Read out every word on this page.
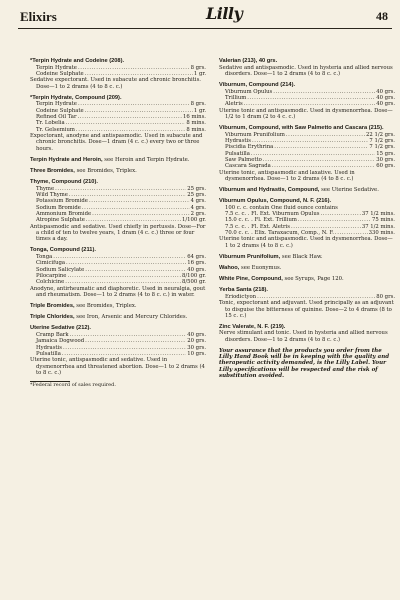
Elixirs	Lilly	48
*Terpin Hydrate and Codeine (208).
Terpin Hydrate .....	8 grs.
Codeine Sulphate .....	1 gr.
Sedative expectorant. Used in subacute and chronic bronchitis. Dose—1 to 2 drams (4 to 8 c. c.)
*Terpin Hydrate, Compound (209).
Terpin Hydrate .....	8 grs.
Codeine Sulphate .....	1 gr.
Refined Oil Tar .....	16 mins.
Tr. Lobelia .....	8 mins.
Tr. Gelsemium .....	8 mins.
Expectorant, anodyne and antispasmodic. Used in subacute and chronic bronchitis. Dose—1 dram (4 c. c.) every two or three hours.
Terpin Hydrate and Heroin, see Heroin and Terpin Hydrate.
Three Bromides, see Bromides, Triplex.
Thyme, Compound (210).
Thyme .....	25 grs.
Wild Thyme .....	25 grs.
Potassium Bromide .....	4 grs.
Sodium Bromide .....	4 grs.
Ammonium Bromide .....	2 grs.
Atropine Sulphate .....	1/100 gr.
Antispasmodic and sedative. Used chiefly in pertussis. Dose—For a child of ten to twelve years, 1 dram (4 c. c.) three or four times a day.
Tonga, Compound (211).
Tonga .....	64 grs.
Cimicifuga .....	16 grs.
Sodium Salicylate .....	40 grs.
Pilocarpine .....	8/100 gr.
Colchicine .....	8/500 gr.
Anodyne, antirheumatic and diaphoretic. Used in neuralgia, gout and rheumatism. Dose—1 to 2 drams (4 to 8 c. c.) in water.
Triple Bromides, see Bromides, Triplex.
Triple Chlorides, see Iron, Arsenic and Mercury Chlorides.
Uterine Sedative (212).
Cramp Bark .....	40 grs.
Jamaica Dogwood .....	20 grs.
Hydrastis .....	30 grs.
Pulsatilla .....	10 grs.
Uterine tonic, antispasmodic and sedative. Used in dysmenorrhea and threatened abortion. Dose—1 to 2 drams (4 to 8 c. c.)
*Federal record of sales required.
Valerian (213), 40 grs.
Sedative and antispasmodic. Used in hysteria and allied nervous disorders. Dose—1 to 2 drams (4 to 8 c. c.)
Viburnum, Compound (214).
Viburnum Opulus .....	40 grs.
Trillium .....	40 grs.
Aletris .....	40 grs.
Uterine tonic and antispasmodic. Used in dysmenorrhea. Dose—1/2 to 1 dram (2 to 4 c. c.)
Viburnum, Compound, with Saw Palmetto and Cascara (215).
Viburnum Prunifolium .....	22 1/2 grs.
Hydrastis .....	7 1/2 grs.
Piscidia Erythrina .....	7 1/2 grs.
Pulsatilla .....	15 grs.
Saw Palmetto .....	30 grs.
Cascara Sagrada .....	60 grs.
Uterine tonic, antispasmodic and laxative. Used in dysmenorrhea. Dose—1 to 2 drams (4 to 8 c. c.)
Viburnum and Hydrastis, Compound, see Uterine Sedative.
Viburnum Opulus, Compound, N. F. (216).
100 c. c. contain One fluid ounce contains
7.5 c. c. . Fl. Ext. Viburnum Opulus .....	37 1/2 mins.
15.0 c. c. . Fl. Ext. Trillium .....	75 mins.
7.5 c. c. . Fl. Ext. Aletris .....	37 1/2 mins.
70.0 c. c. . Elix. Taraxacum, Comp., N. F. .....	330 mins.
Uterine tonic and antispasmodic. Used in dysmenorrhea. Dose—1 to 2 drams (4 to 8 c. c.)
Viburnum Prunifolium, see Black Haw.
Wahoo, see Euonymus.
White Pine, Compound, see Syrups, Page 120.
Yerba Santa (218).
Eriodictyon .....	80 grs.
Tonic, expectorant and adjuvant. Used principally as an adjuvant to disguise the bitterness of quinine. Dose—2 to 4 drams (8 to 15 c. c.)
Zinc Valerate, N. F. (219).
Nerve stimulant and tonic. Used in hysteria and allied nervous disorders. Dose—1 to 2 drams (4 to 8 c. c.)
Your assurance that the products you order from the Lilly Hand Book will be in keeping with the quality and therapeutic activity demanded, is the Lilly Label. Your Lilly specifications will be respected and the risk of substitution avoided.
